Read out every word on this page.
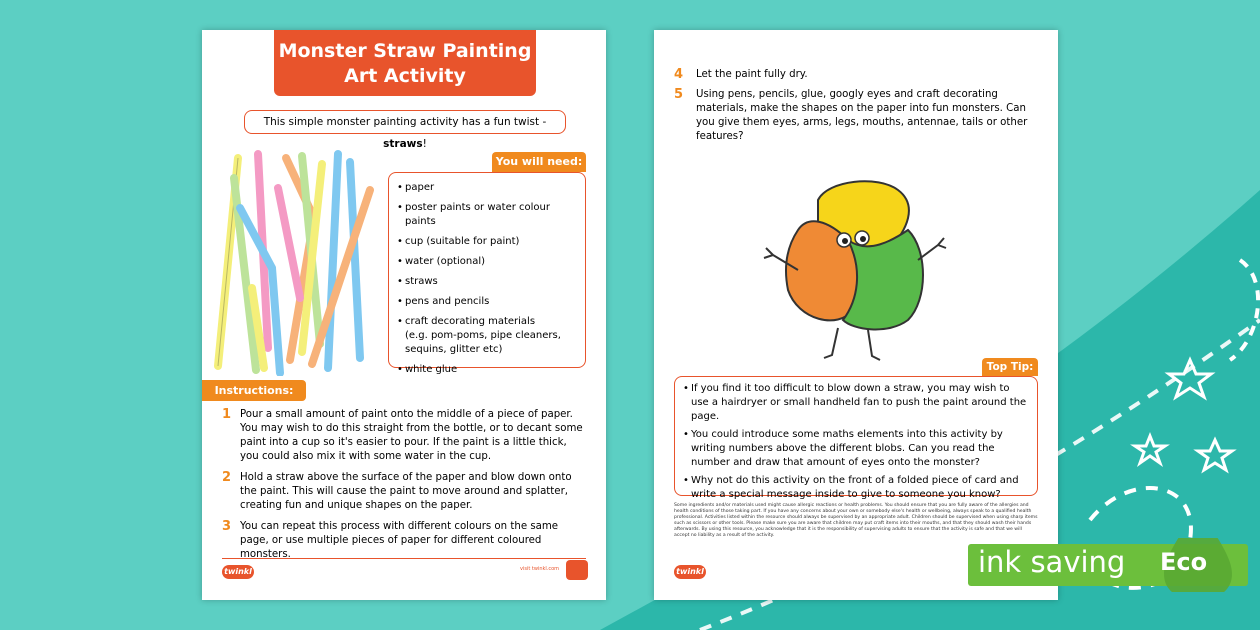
Monster Straw Painting
Art Activity
This simple monster painting activity has a fun twist - straws!
You will need:
• paper
• poster paints or water colour paints
• cup (suitable for paint)
• water (optional)
• straws
• pens and pencils
• craft decorating materials
(e.g. pom-poms, pipe cleaners,
sequins, glitter etc)
• white glue
Instructions:
1 Pour a small amount of paint onto the middle of a piece of paper. You may wish to do this straight from the bottle, or to decant some paint into a cup so it's easier to pour. If the paint is a little thick, you could also mix it with some water in the cup.
2 Hold a straw above the surface of the paper and blow down onto the paint. This will cause the paint to move around and splatter, creating fun and unique shapes on the paper.
3 You can repeat this process with different colours on the same page, or use multiple pieces of paper for different coloured monsters.
twinkl	visit twinkl.com
4 Let the paint fully dry.
5 Using pens, pencils, glue, googly eyes and craft decorating materials, make the shapes on the paper into fun monsters. Can you give them eyes, arms, legs, mouths, antennae, tails or other features?
Top Tip:
• If you find it too difficult to blow down a straw, you may wish to use a hairdryer or small handheld fan to push the paint around the page.
• You could introduce some maths elements into this activity by writing numbers above the different blobs. Can you read the number and draw that amount of eyes onto the monster?
• Why not do this activity on the front of a folded piece of card and write a special message inside to give to someone you know?
Some ingredients and/or materials used might cause allergic reactions or health problems. You should ensure that you are fully aware of the allergies and health conditions of those taking part. If you have any concerns about your own or somebody else's health or wellbeing, always speak to a qualified health professional. Activities listed within the resource should always be supervised by an appropriate adult. Children should be supervised when using sharp items such as scissors or other tools. Please make sure you are aware that children may put craft items into their mouths, and that they should wash their hands afterwards. By using this resource, you acknowledge that it is the responsibility of supervising adults to ensure that the activity is safe and that we will accept no liability as a result of the activity.
twinkl	ink saving Eco
